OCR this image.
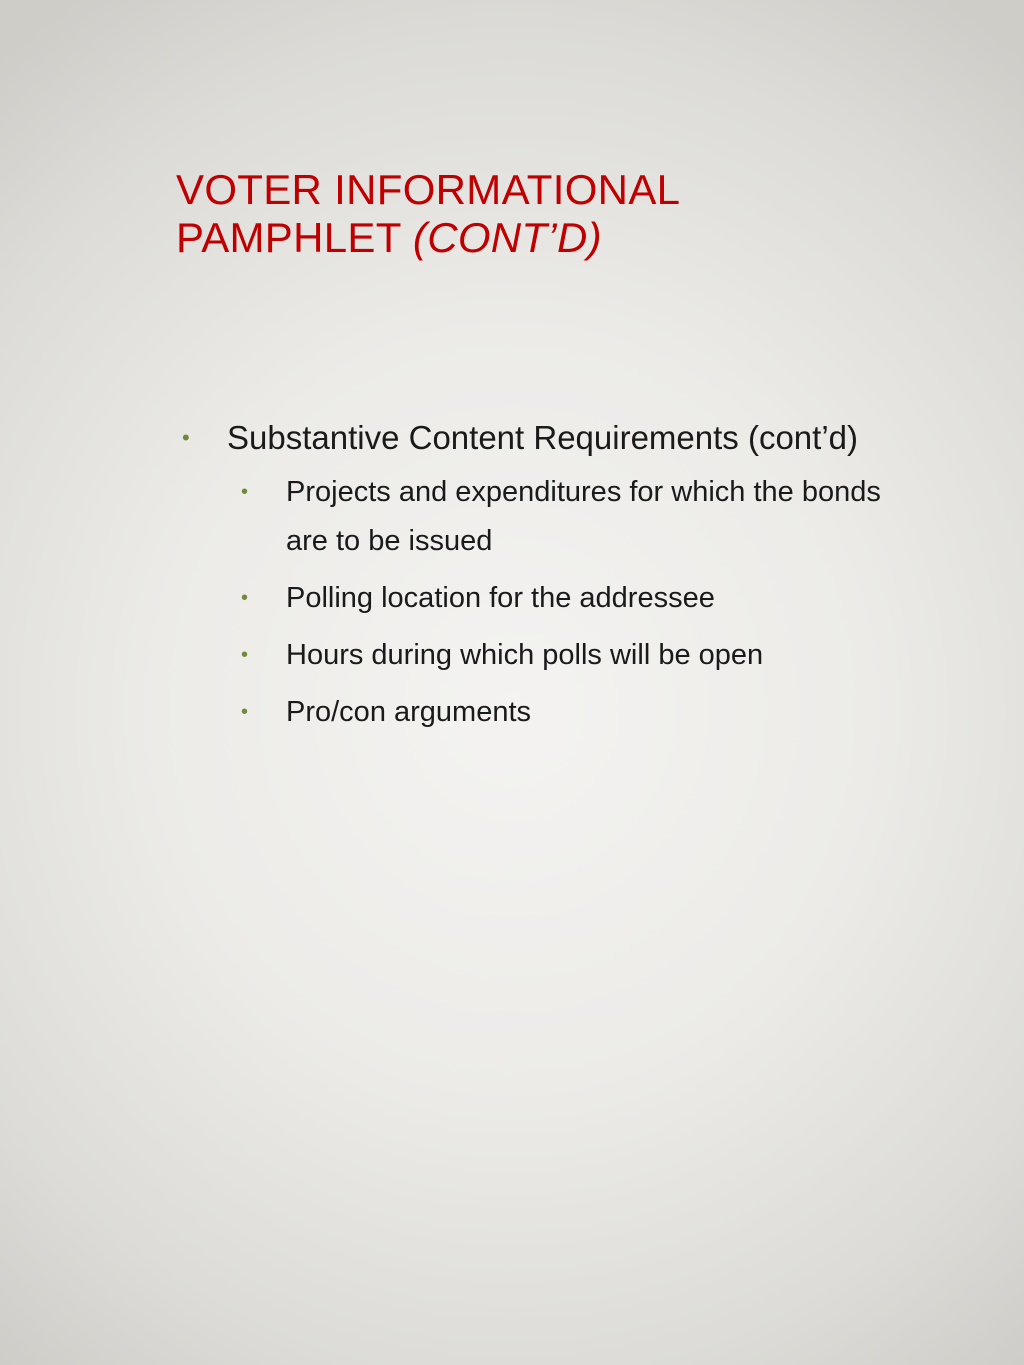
VOTER INFORMATIONAL
PAMPHLET (CONT’D)
• Substantive Content Requirements (cont’d)
• Projects and expenditures for which the bonds are to be issued
• Polling location for the addressee
• Hours during which polls will be open
• Pro/con arguments
